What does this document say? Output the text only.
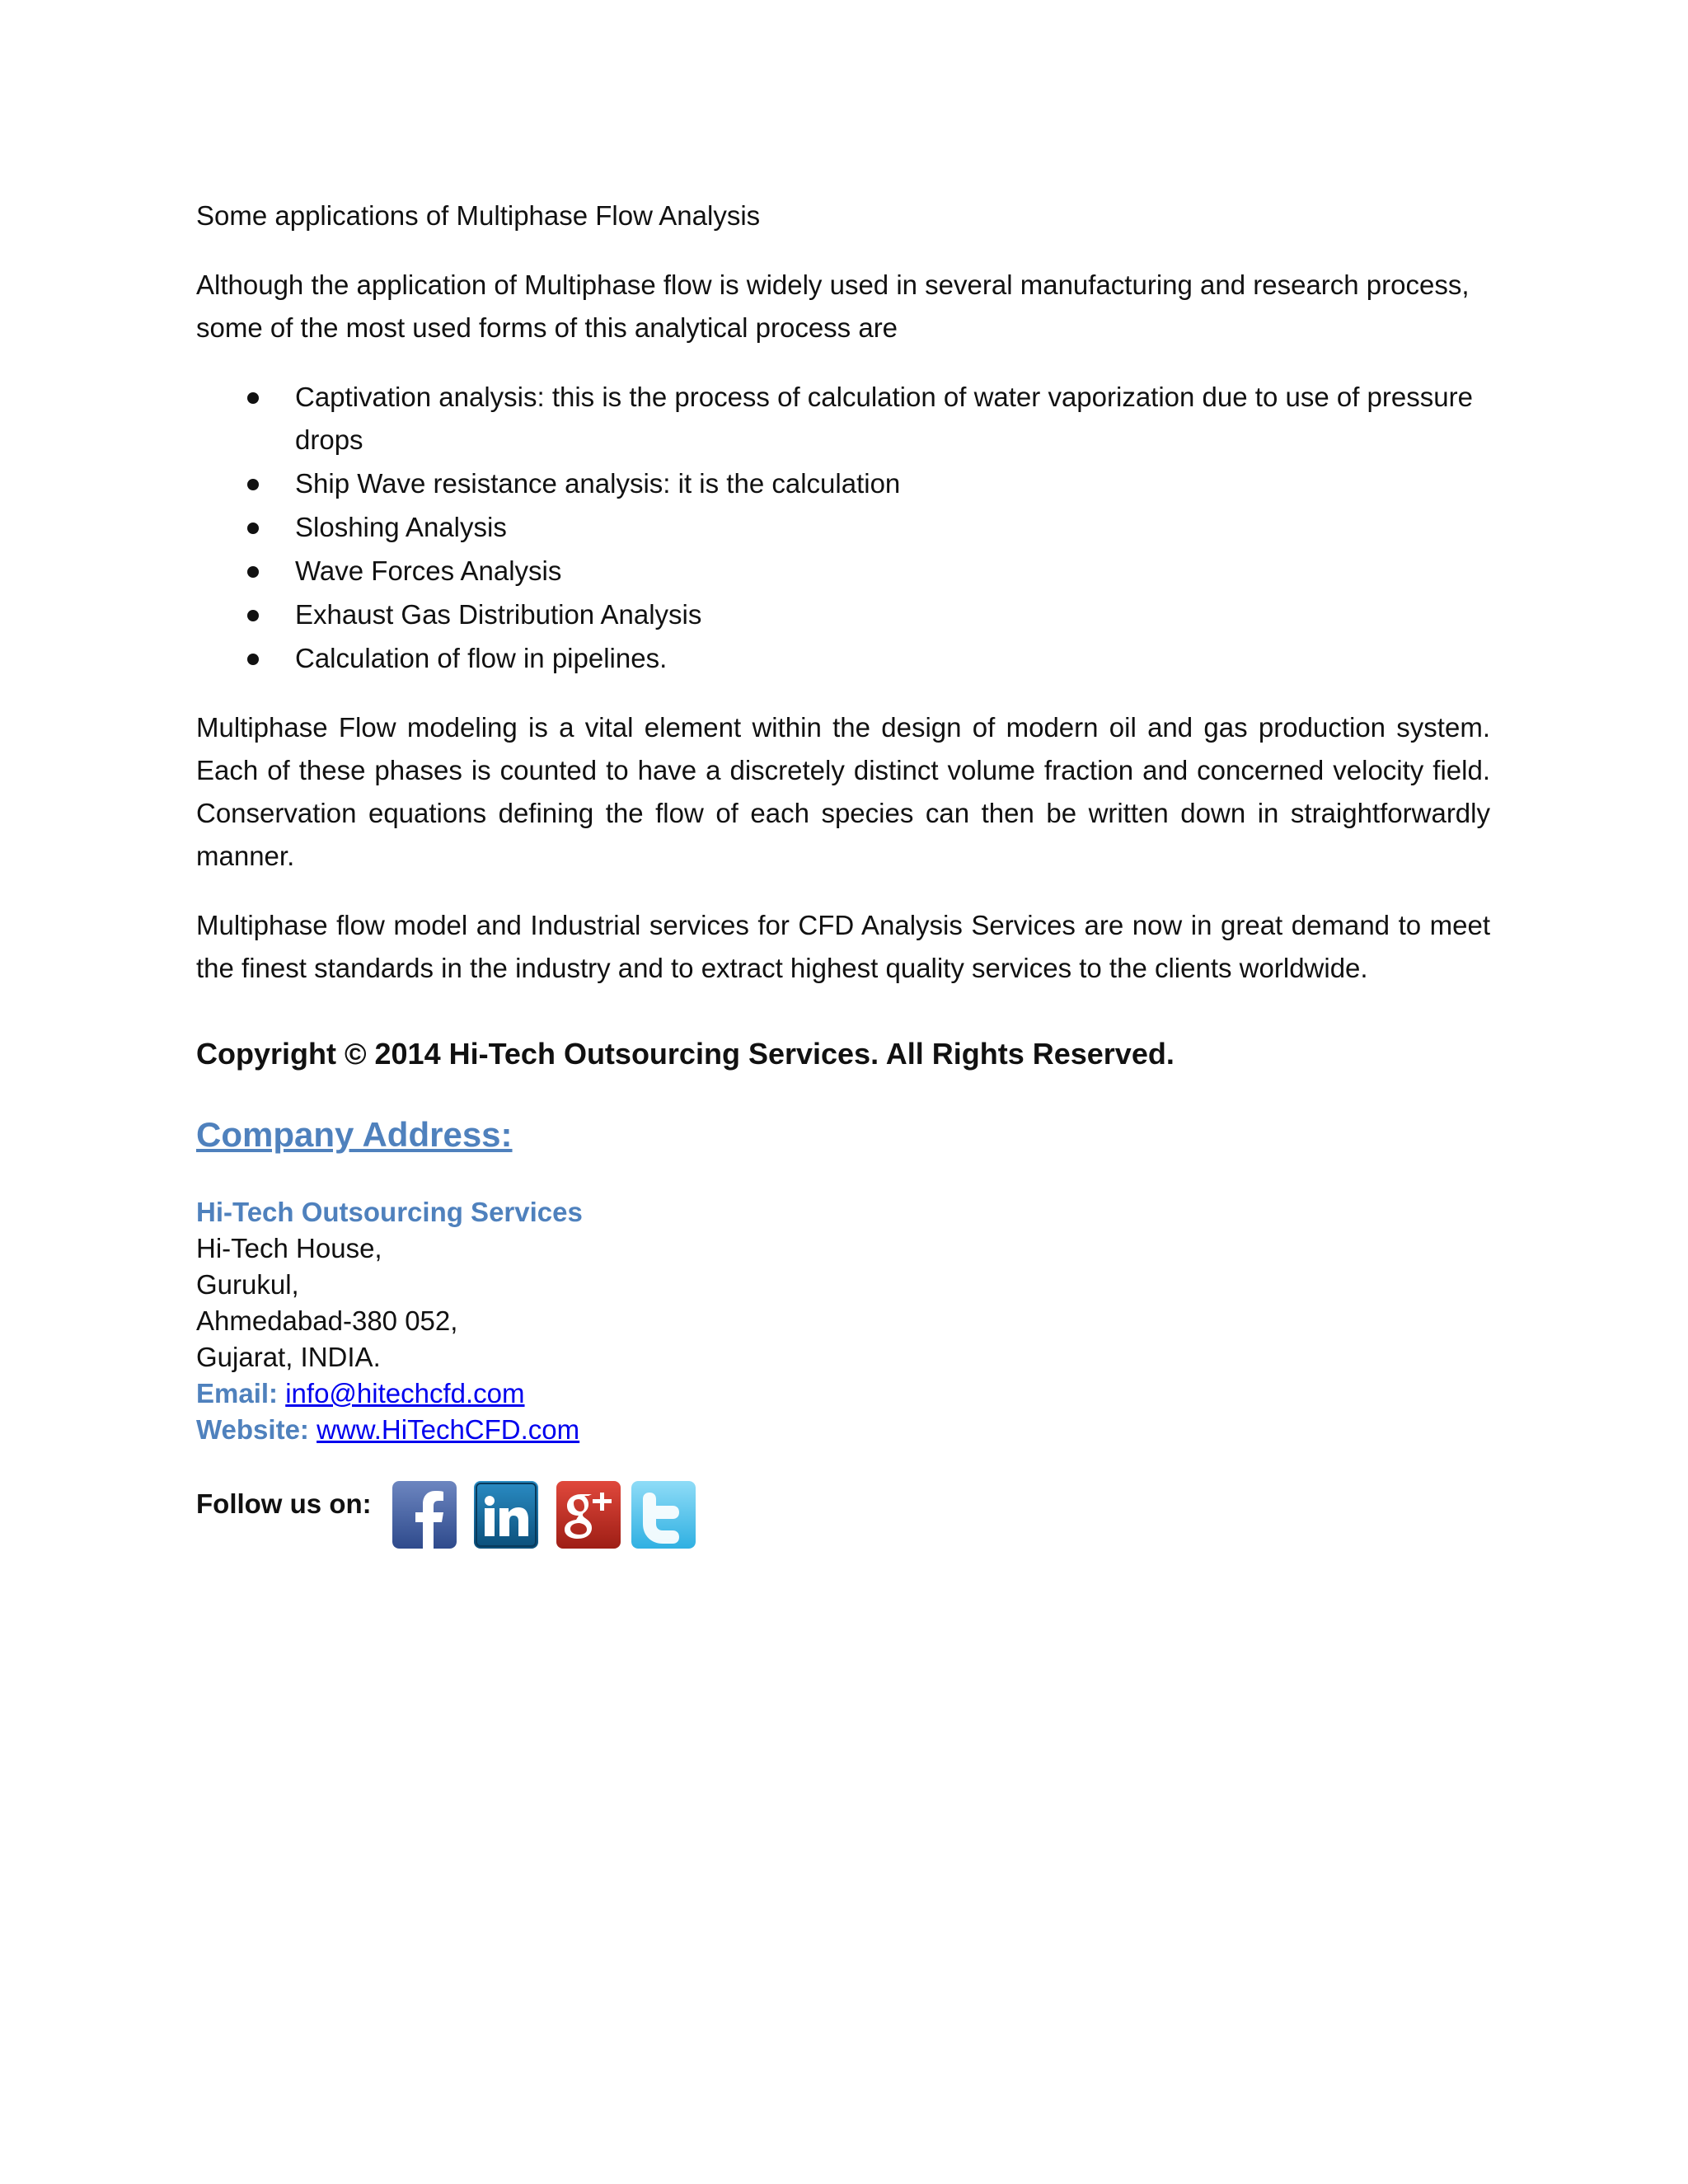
Some applications of Multiphase Flow Analysis

Although the application of Multiphase flow is widely used in several manufacturing and research process, some of the most used forms of this analytical process are

Captivation analysis: this is the process of calculation of water vaporization due to use of pressure drops
Ship Wave resistance analysis: it is the calculation
Sloshing Analysis
Wave Forces Analysis
Exhaust Gas Distribution Analysis
Calculation of flow in pipelines.

Multiphase Flow modeling is a vital element within the design of modern oil and gas production system. Each of these phases is counted to have a discretely distinct volume fraction and concerned velocity field. Conservation equations defining the flow of each species can then be written down in straightforwardly manner.

Multiphase flow model and Industrial services for CFD Analysis Services are now in great demand to meet the finest standards in the industry and to extract highest quality services to the clients worldwide.

Copyright © 2014 Hi-Tech Outsourcing Services. All Rights Reserved.
Company Address:
Hi-Tech Outsourcing Services
Hi-Tech House,
Gurukul,
Ahmedabad-380 052,
Gujarat, INDIA.
Email: info@hitechcfd.com
Website: www.HiTechCFD.com
Follow us on:
